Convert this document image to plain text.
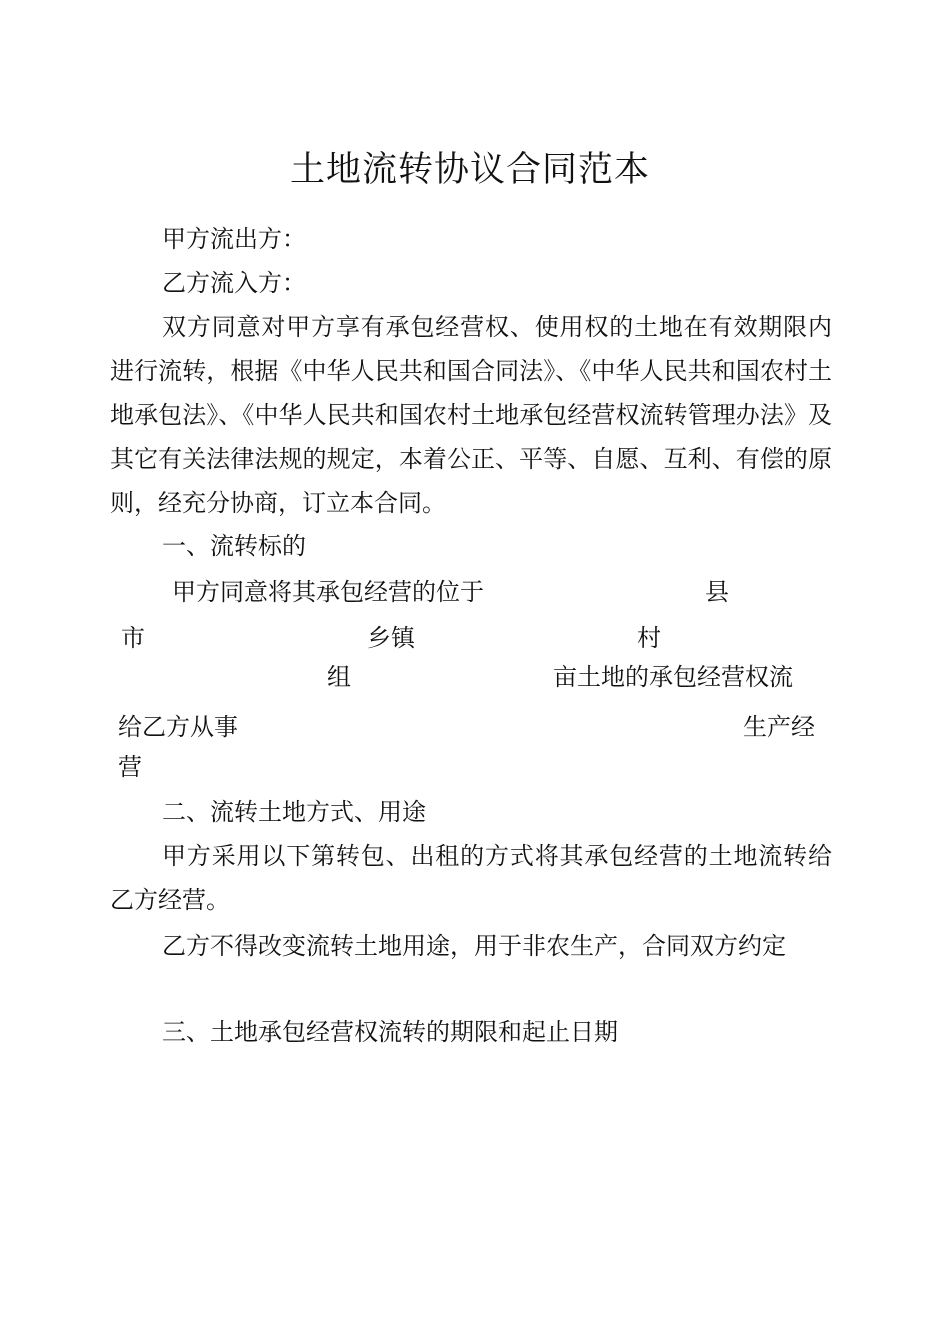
土地流转协议合同范本
甲方流出方：
乙方流入方：
双方同意对甲方享有承包经营权、使用权的土地在有效期限内进行流转，根据《中华人民共和国合同法》、《中华人民共和国农村土地承包法》、《中华人民共和国农村土地承包经营权流转管理办法》及其它有关法律法规的规定，本着公正、平等、自愿、互利、有偿的原则，经充分协商，订立本合同。
一、流转标的
甲方同意将其承包经营的位于	县
市	乡镇	村
组	亩土地的承包经营权流
给乙方从事	生产经
营
二、流转土地方式、用途
甲方采用以下第转包、出租的方式将其承包经营的土地流转给乙方经营。
乙方不得改变流转土地用途，用于非农生产，合同双方约定
三、土地承包经营权流转的期限和起止日期
